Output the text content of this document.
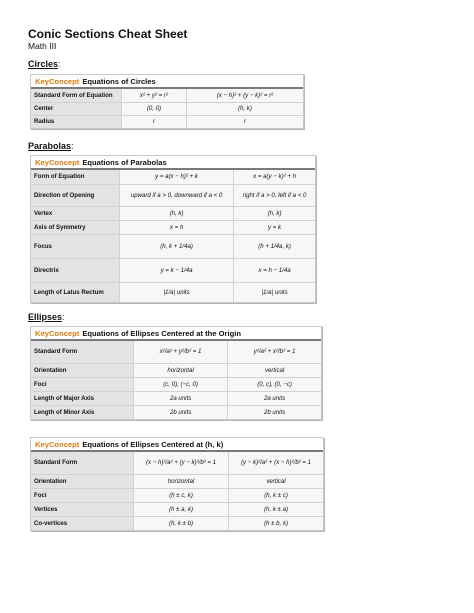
Conic Sections Cheat Sheet
Math III
Circles:
KeyConcept Equations of Circles
Standard Form of Equation	x² + y² = r²	(x − h)² + (y − k)² = r²
Center	(0, 0)	(h, k)
Radius	r	r
Parabolas:
KeyConcept Equations of Parabolas
Form of Equation	y = a(x − h)² + k	x = a(y − k)² + h
Direction of Opening	upward if a > 0, downward if a < 0	right if a > 0, left if a < 0
Vertex	(h, k)	(h, k)
Axis of Symmetry	x = h	y = k
Focus	(h, k + 1/4a)	(h + 1/4a, k)
Directrix	y = k − 1/4a	x = h − 1/4a
Length of Latus Rectum	|1/a| units	|1/a| units
Ellipses:
KeyConcept Equations of Ellipses Centered at the Origin
Standard Form	x²/a² + y²/b² = 1	y²/a² + x²/b² = 1
Orientation	horizontal	vertical
Foci	(c, 0), (−c, 0)	(0, c), (0, −c)
Length of Major Axis	2a units	2a units
Length of Minor Axis	2b units	2b units
KeyConcept Equations of Ellipses Centered at (h, k)
Standard Form	(x − h)²/a² + (y − k)²/b² = 1	(y − k)²/a² + (x − h)²/b² = 1
Orientation	horizontal	vertical
Foci	(h ± c, k)	(h, k ± c)
Vertices	(h ± a, k)	(h, k ± a)
Co-vertices	(h, k ± b)	(h ± b, k)
